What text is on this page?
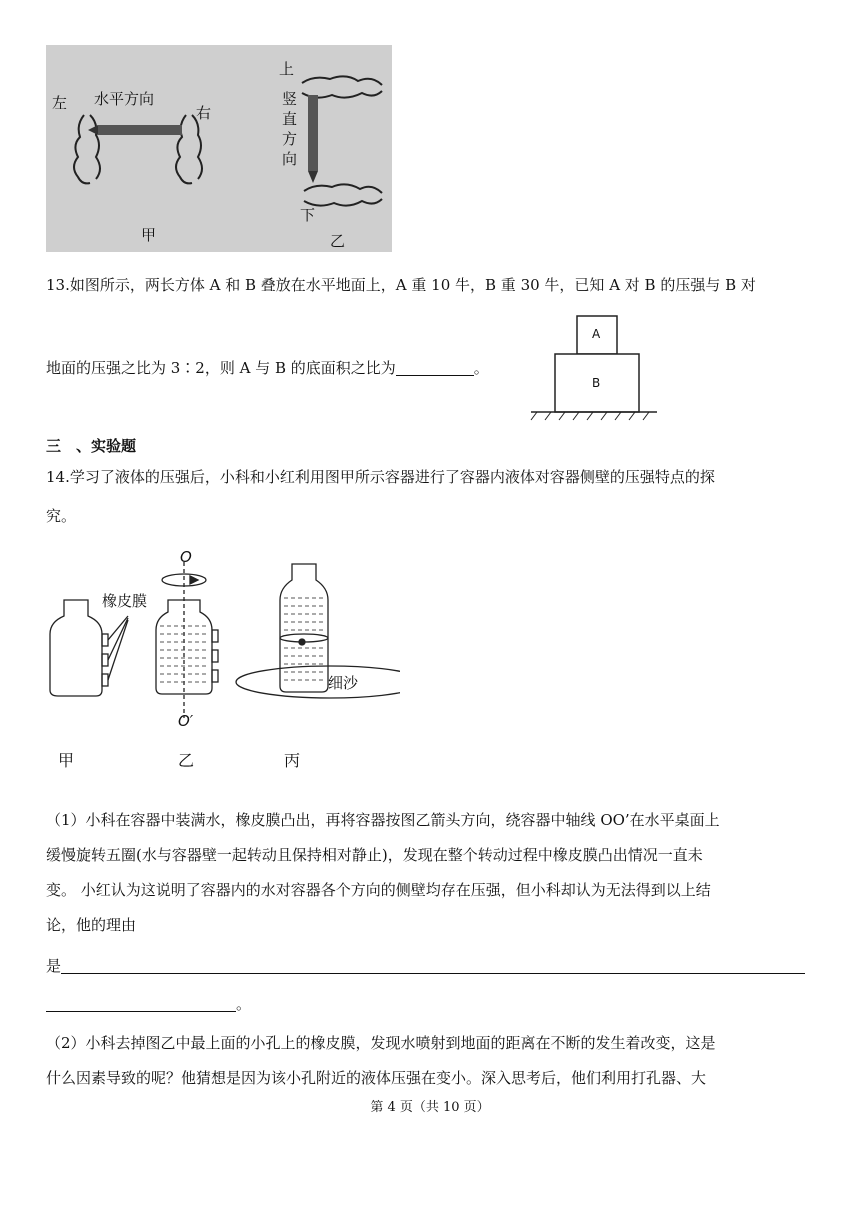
左 水平方向
右
甲
上
竖直方向
下
乙
13.如图所示，两长方体 A 和 B 叠放在水平地面上，A 重 10 牛，B 重 30 牛，已知 A 对 B 的压强与 B 对
地面的压强之比为 3∶2，则 A 与 B 的底面积之比为	。
A
B
三　、实验题
14.学习了液体的压强后，小科和小红利用图甲所示容器进行了容器内液体对容器侧壁的压强特点的探
究。
橡皮膜
O
O′
细沙
甲	乙	丙
（1）小科在容器中装满水，橡皮膜凸出，再将容器按图乙箭头方向，绕容器中轴线 OO’在水平桌面上
缓慢旋转五圈(水与容器壁一起转动且保持相对静止)，发现在整个转动过程中橡皮膜凸出情况一直未
变。 小红认为这说明了容器内的水对容器各个方向的侧壁均存在压强，但小科却认为无法得到以上结
论，他的理由
是
。
（2）小科去掉图乙中最上面的小孔上的橡皮膜，发现水喷射到地面的距离在不断的发生着改变，这是
什么因素导致的呢？他猜想是因为该小孔附近的液体压强在变小。深入思考后，他们利用打孔器、大
第 4 页（共 10 页）
